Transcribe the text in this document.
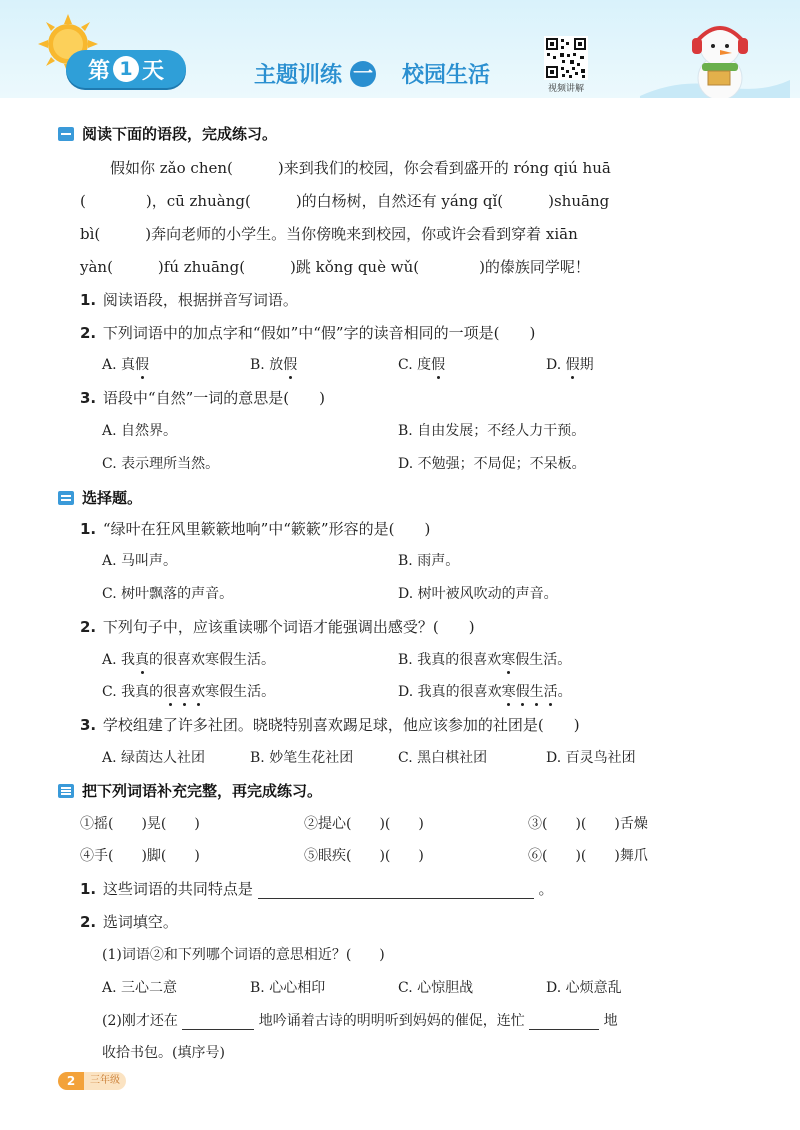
第 1 天	主题训练 一 校园生活
视频讲解
阅读下面的语段，完成练习。
　　假如你 zǎo chen(　　　)来到我们的校园，你会看到盛开的 róng qiú huā
(　　　　)，cū zhuàng(　　　)的白杨树，自然还有 yáng qǐ(　　　)shuāng
bì(　　　)奔向老师的小学生。当你傍晚来到校园，你或许会看到穿着 xiān
yàn(　　　)fú zhuāng(　　　)跳 kǒng què wǔ(　　　　)的傣族同学呢！
1. 阅读语段，根据拼音写词语。
2. 下列词语中的加点字和“假如”中“假”字的读音相同的一项是(　　)
A. 真假	B. 放假	C. 度假	D. 假期
3. 语段中“自然”一词的意思是(　　)
A. 自然界。	B. 自由发展；不经人力干预。
C. 表示理所当然。	D. 不勉强；不局促；不呆板。
选择题。
1. “绿叶在狂风里簌簌地响”中“簌簌”形容的是(　　)
A. 马叫声。	B. 雨声。
C. 树叶飘落的声音。	D. 树叶被风吹动的声音。
2. 下列句子中，应该重读哪个词语才能强调出感受？(　　)
A. 我真的很喜欢寒假生活。	B. 我真的很喜欢寒假生活。
C. 我真的很喜欢寒假生活。	D. 我真的很喜欢寒假生活。
3. 学校组建了许多社团。晓晓特别喜欢踢足球，他应该参加的社团是(　　)
A. 绿茵达人社团	B. 妙笔生花社团	C. 黑白棋社团	D. 百灵鸟社团
把下列词语补充完整，再完成练习。
①摇(　　)晃(　　)	②提心(　　)(　　)	③(　　)(　　)舌燥
④手(　　)脚(　　)	⑤眼疾(　　)(　　)	⑥(　　)(　　)舞爪
1. 这些词语的共同特点是	。
2. 选词填空。
(1)词语②和下列哪个词语的意思相近？(　　)
A. 三心二意	B. 心心相印	C. 心惊胆战	D. 心烦意乱
(2)刚才还在	地吟诵着古诗的明明听到妈妈的催促，连忙	地
收拾书包。(填序号)
2	三年级
